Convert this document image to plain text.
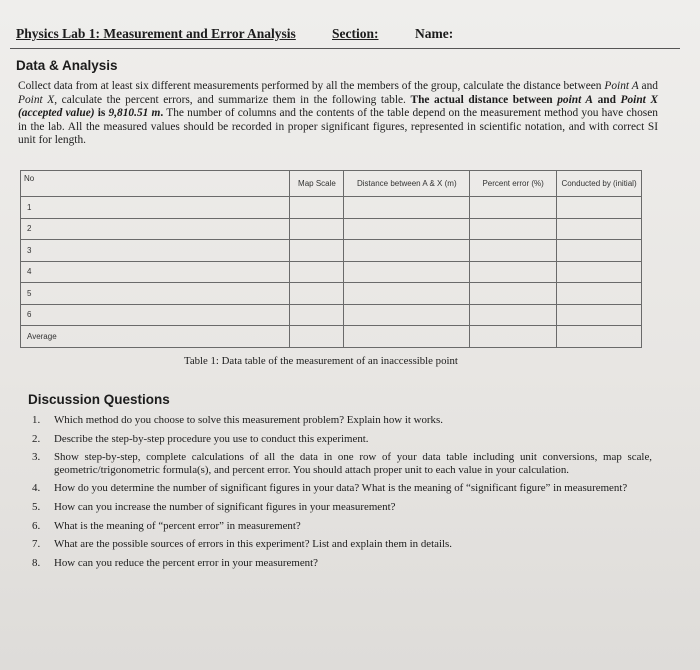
Physics Lab 1: Measurement and Error Analysis	Section:	Name:
Data & Analysis

Collect data from at least six different measurements performed by all the members of the group, calculate the distance between Point A and Point X, calculate the percent errors, and summarize them in the following table. The actual distance between point A and Point X (accepted value) is 9,810.51 m. The number of columns and the contents of the table depend on the measurement method you have chosen in the lab. All the measured values should be recorded in proper significant figures, represented in scientific notation, and with correct SI unit for length.

No	Map Scale	Distance between A & X (m)	Percent error (%)	Conducted by (initial)
1				
2				
3				
4				
5				
6				
Average				
Table 1: Data table of the measurement of an inaccessible point
Discussion Questions

1. Which method do you choose to solve this measurement problem? Explain how it works.

2. Describe the step-by-step procedure you use to conduct this experiment.

3. Show step-by-step, complete calculations of all the data in one row of your data table including unit conversions, map scale, geometric/trigonometric formula(s), and percent error. You should attach proper unit to each value in your calculation.

4. How do you determine the number of significant figures in your data? What is the meaning of “significant figure” in measurement?

5. How can you increase the number of significant figures in your measurement?

6. What is the meaning of “percent error” in measurement?

7. What are the possible sources of errors in this experiment? List and explain them in details.

8. How can you reduce the percent error in your measurement?
